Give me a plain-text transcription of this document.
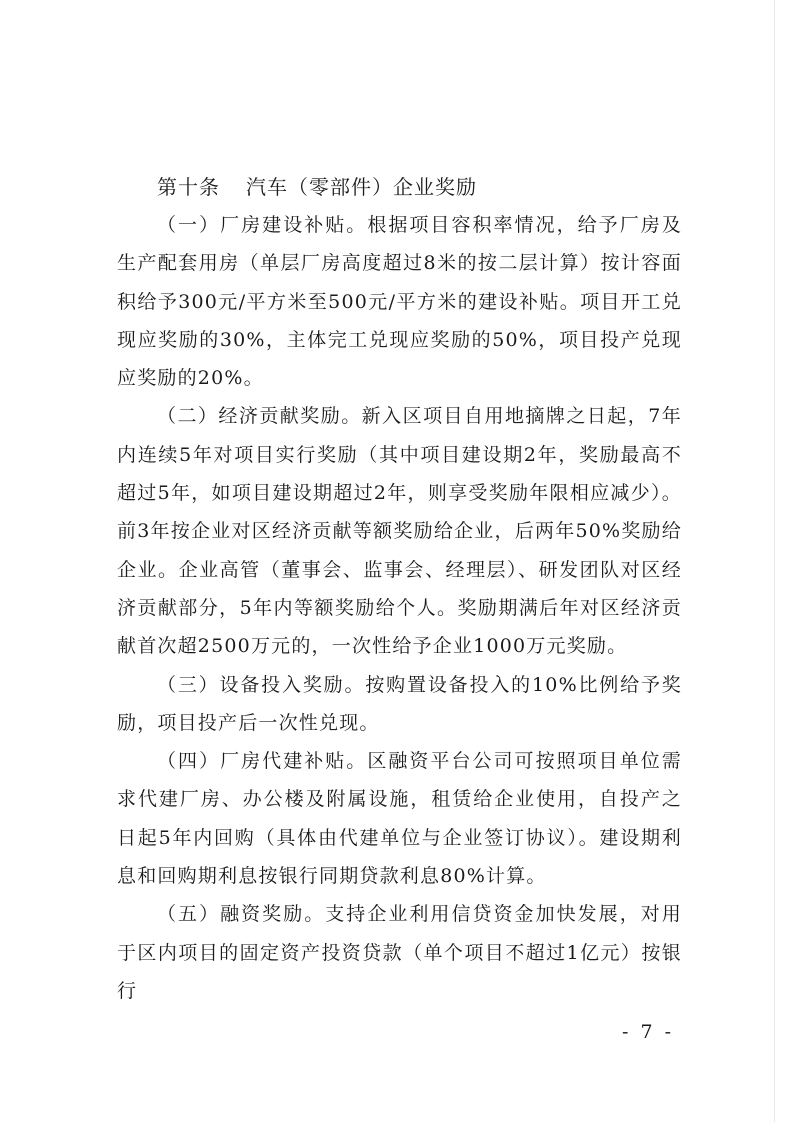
第十条 汽车（零部件）企业奖励

（一）厂房建设补贴。根据项目容积率情况，给予厂房及生产配套用房（单层厂房高度超过8米的按二层计算）按计容面积给予300元/平方米至500元/平方米的建设补贴。项目开工兑现应奖励的30%，主体完工兑现应奖励的50%，项目投产兑现应奖励的20%。

（二）经济贡献奖励。新入区项目自用地摘牌之日起，7年内连续5年对项目实行奖励（其中项目建设期2年，奖励最高不超过5年，如项目建设期超过2年，则享受奖励年限相应减少）。前3年按企业对区经济贡献等额奖励给企业，后两年50%奖励给企业。企业高管（董事会、监事会、经理层）、研发团队对区经济贡献部分，5年内等额奖励给个人。奖励期满后年对区经济贡献首次超2500万元的，一次性给予企业1000万元奖励。

（三）设备投入奖励。按购置设备投入的10%比例给予奖励，项目投产后一次性兑现。

（四）厂房代建补贴。区融资平台公司可按照项目单位需求代建厂房、办公楼及附属设施，租赁给企业使用，自投产之日起5年内回购（具体由代建单位与企业签订协议）。建设期利息和回购期利息按银行同期贷款利息80%计算。

（五）融资奖励。支持企业利用信贷资金加快发展，对用于区内项目的固定资产投资贷款（单个项目不超过1亿元）按银行

- 7 -
